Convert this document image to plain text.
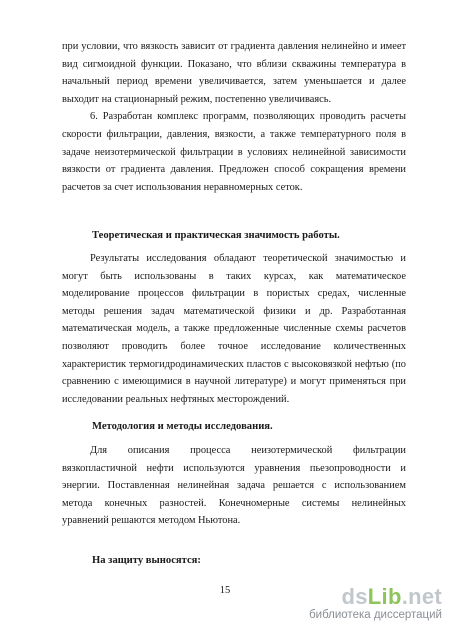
при условии, что вязкость зависит от градиента давления нелинейно и имеет вид сигмоидной функции. Показано, что вблизи скважины температура в начальный период времени увеличивается, затем уменьшается и далее выходит на стационарный режим, постепенно увеличиваясь.

6. Разработан комплекс программ, позволяющих проводить расчеты скорости фильтрации, давления, вязкости, а также температурного поля в задаче неизотермической фильтрации в условиях нелинейной зависимости вязкости от градиента давления. Предложен способ сокращения времени расчетов за счет использования неравномерных сеток.

Теоретическая и практическая значимость работы.

Результаты исследования обладают теоретической значимостью и могут быть использованы в таких курсах, как математическое моделирование процессов фильтрации в пористых средах, численные методы решения задач математической физики и др. Разработанная математическая модель, а также предложенные численные схемы расчетов позволяют проводить более точное исследование количественных характеристик термогидродинамических пластов с высоковязкой нефтью (по сравнению с имеющимися в научной литературе) и могут применяться при исследовании реальных нефтяных месторождений.

Методология и методы исследования.

Для описания процесса неизотермической фильтрации вязкопластичной нефти используются уравнения пьезопроводности и энергии. Поставленная нелинейная задача решается с использованием метода конечных разностей. Конечномерные системы нелинейных уравнений решаются методом Ньютона.

На защиту выносятся:
15	dsLib.net
библиотека диссертаций
